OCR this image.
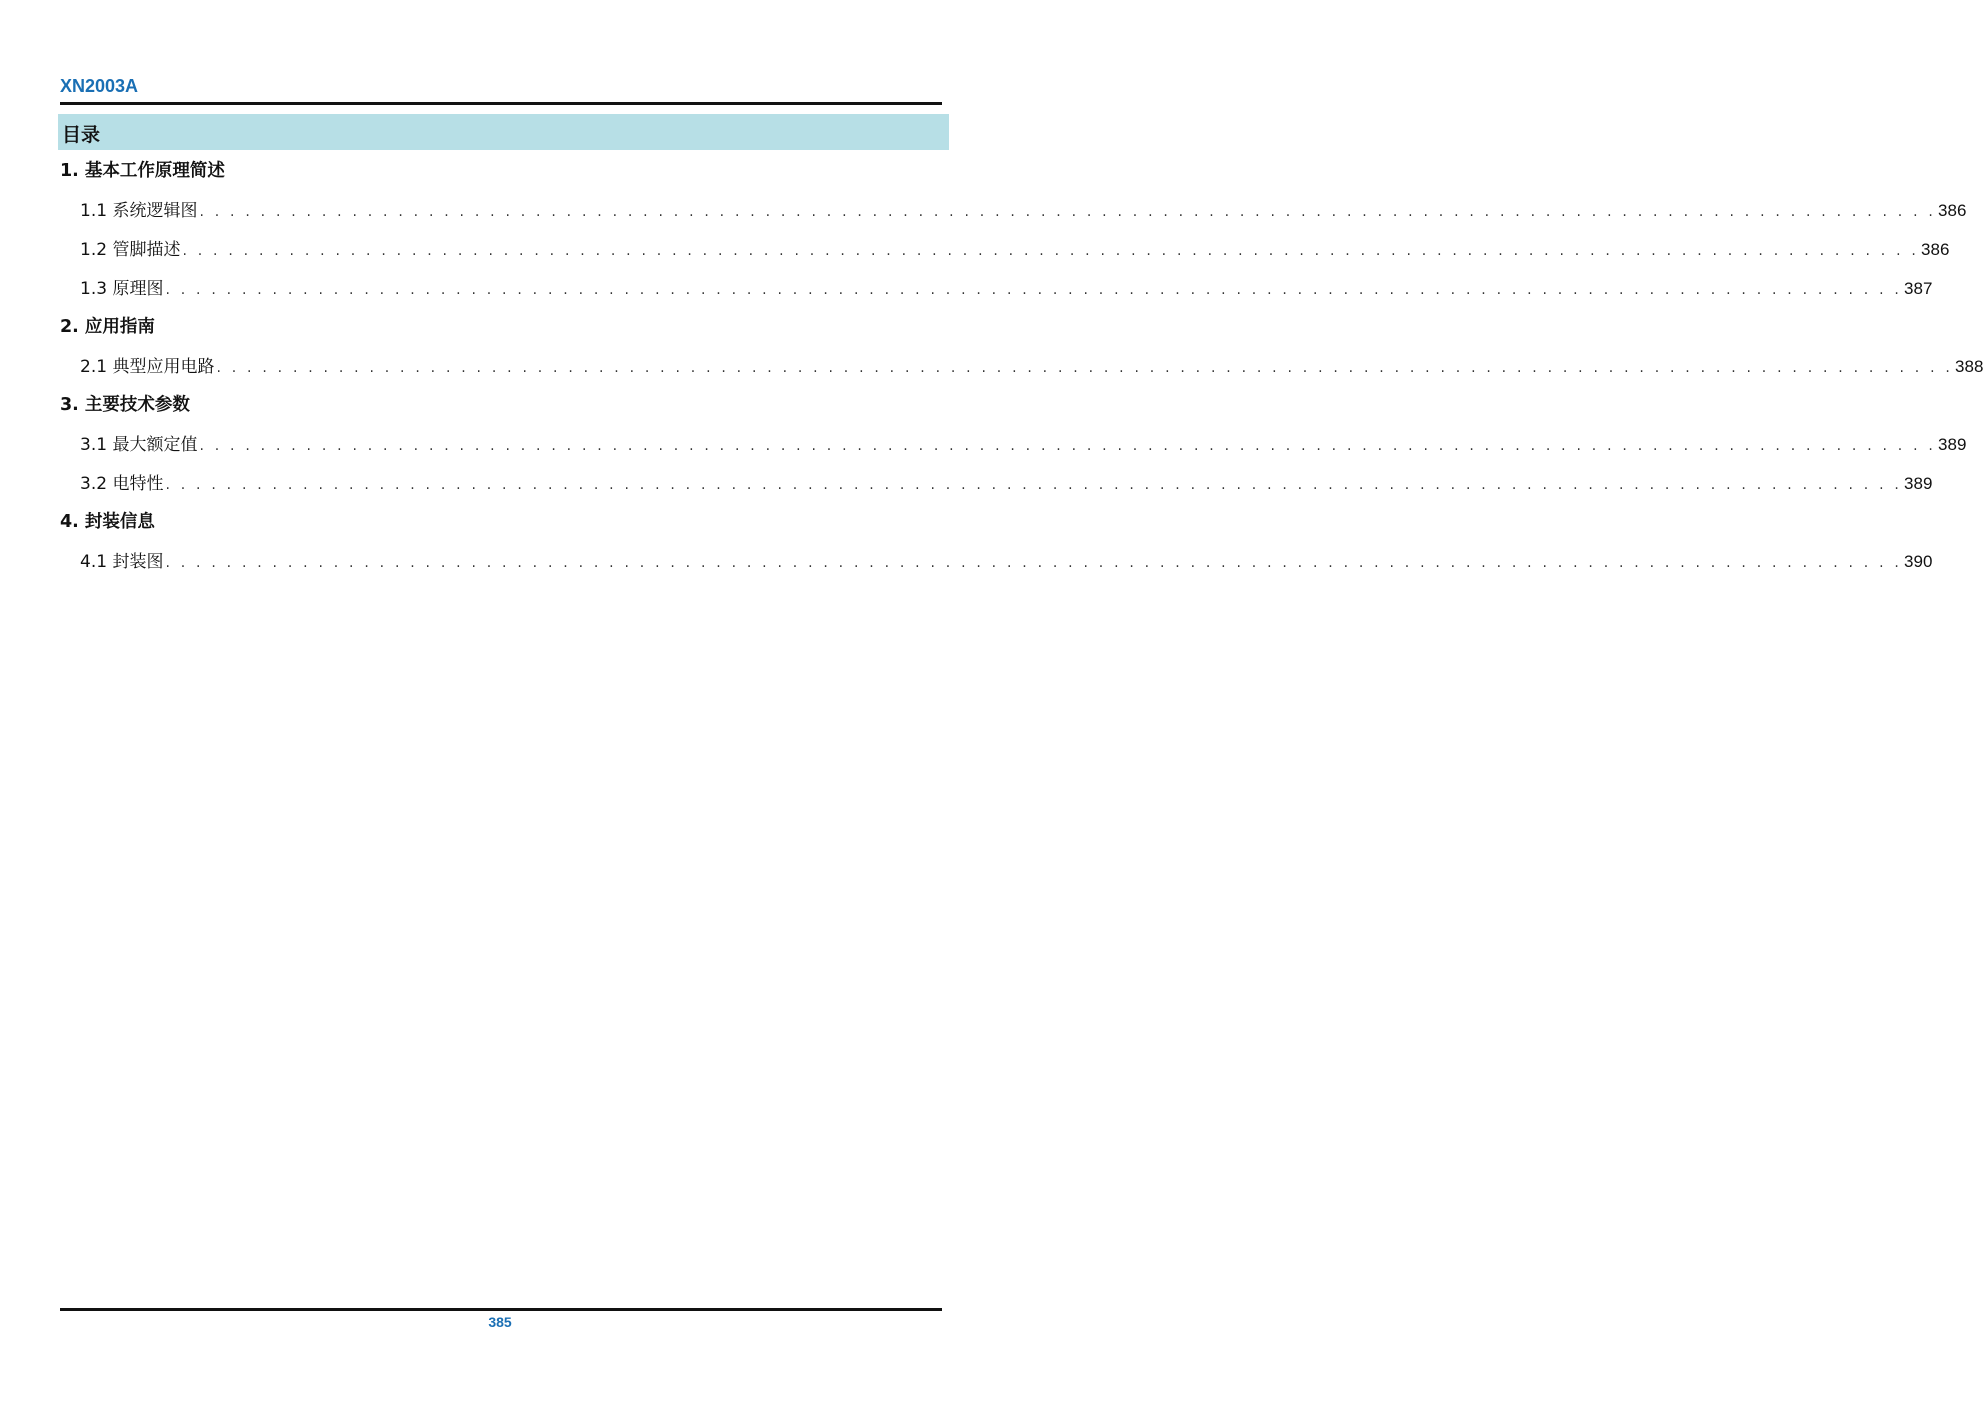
XN2003A
目录
1. 基本工作原理简述
1.1 系统逻辑图 . . . . . . . . . . . . . . . . . . . . . . . . . . . . . . . . . . . . . . . . . . . . . . . . . . . . . . . . . . . . . . . . . . . . . . . . . . . . . . . . . . . . . . . . . . . . . . . . . . . . . . . . . . . . . . . . . . 386
1.2 管脚描述 . . . . . . . . . . . . . . . . . . . . . . . . . . . . . . . . . . . . . . . . . . . . . . . . . . . . . . . . . . . . . . . . . . . . . . . . . . . . . . . . . . . . . . . . . . . . . . . . . . . . . . . . . . . . . . . . . . 386
1.3 原理图 . . . . . . . . . . . . . . . . . . . . . . . . . . . . . . . . . . . . . . . . . . . . . . . . . . . . . . . . . . . . . . . . . . . . . . . . . . . . . . . . . . . . . . . . . . . . . . . . . . . . . . . . . . . . . . . . . . 387
2. 应用指南
2.1 典型应用电路 . . . . . . . . . . . . . . . . . . . . . . . . . . . . . . . . . . . . . . . . . . . . . . . . . . . . . . . . . . . . . . . . . . . . . . . . . . . . . . . . . . . . . . . . . . . . . . . . . . . . . . . . . . . . . . . . . . 388
3. 主要技术参数
3.1 最大额定值 . . . . . . . . . . . . . . . . . . . . . . . . . . . . . . . . . . . . . . . . . . . . . . . . . . . . . . . . . . . . . . . . . . . . . . . . . . . . . . . . . . . . . . . . . . . . . . . . . . . . . . . . . . . . . . . . . . 389
3.2 电特性 . . . . . . . . . . . . . . . . . . . . . . . . . . . . . . . . . . . . . . . . . . . . . . . . . . . . . . . . . . . . . . . . . . . . . . . . . . . . . . . . . . . . . . . . . . . . . . . . . . . . . . . . . . . . . . . . . . 389
4. 封装信息
4.1 封装图 . . . . . . . . . . . . . . . . . . . . . . . . . . . . . . . . . . . . . . . . . . . . . . . . . . . . . . . . . . . . . . . . . . . . . . . . . . . . . . . . . . . . . . . . . . . . . . . . . . . . . . . . . . . . . . . . . . 390
385
